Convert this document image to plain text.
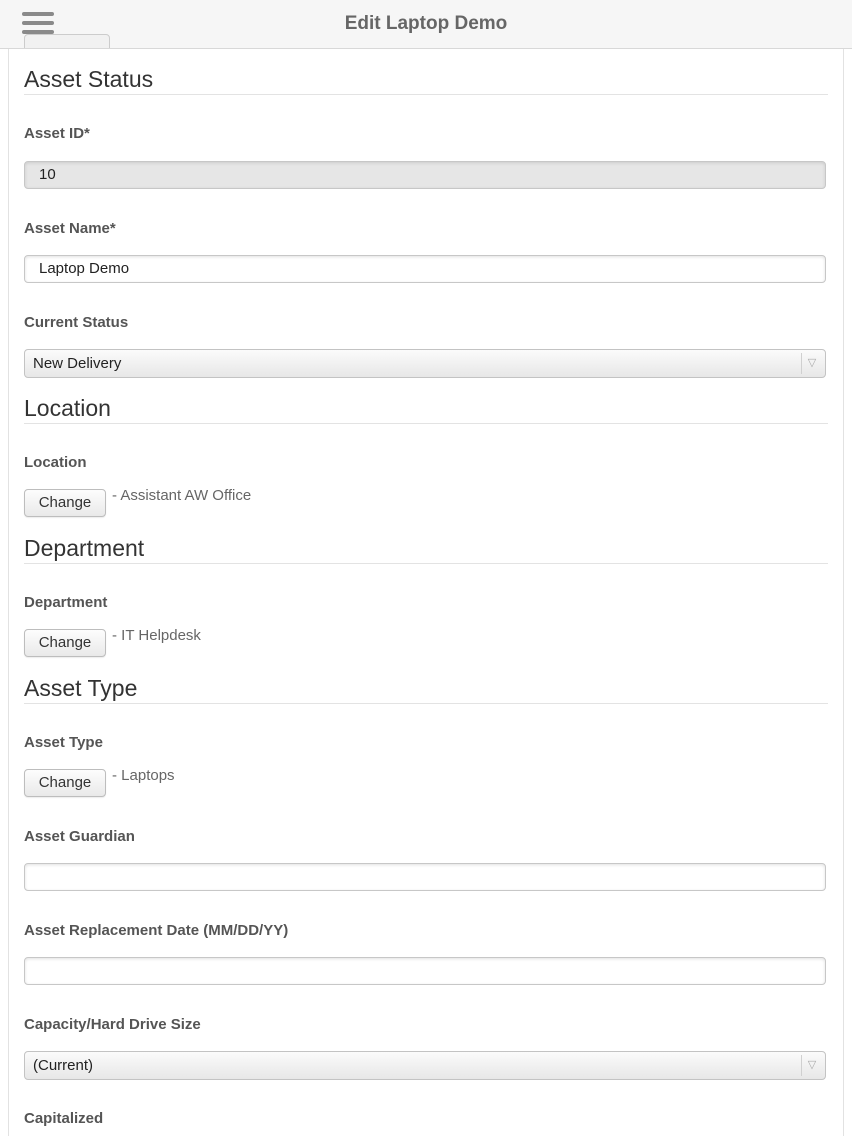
Edit Laptop Demo
Asset Status
Asset ID*
10
Asset Name*
Laptop Demo
Current Status
New Delivery	▽
Location
Location
Change	- Assistant AW Office
Department
Department
Change	- IT Helpdesk
Asset Type
Asset Type
Change	- Laptops
Asset Guardian
Asset Replacement Date (MM/DD/YY)
Capacity/Hard Drive Size
(Current)	▽
Capitalized
